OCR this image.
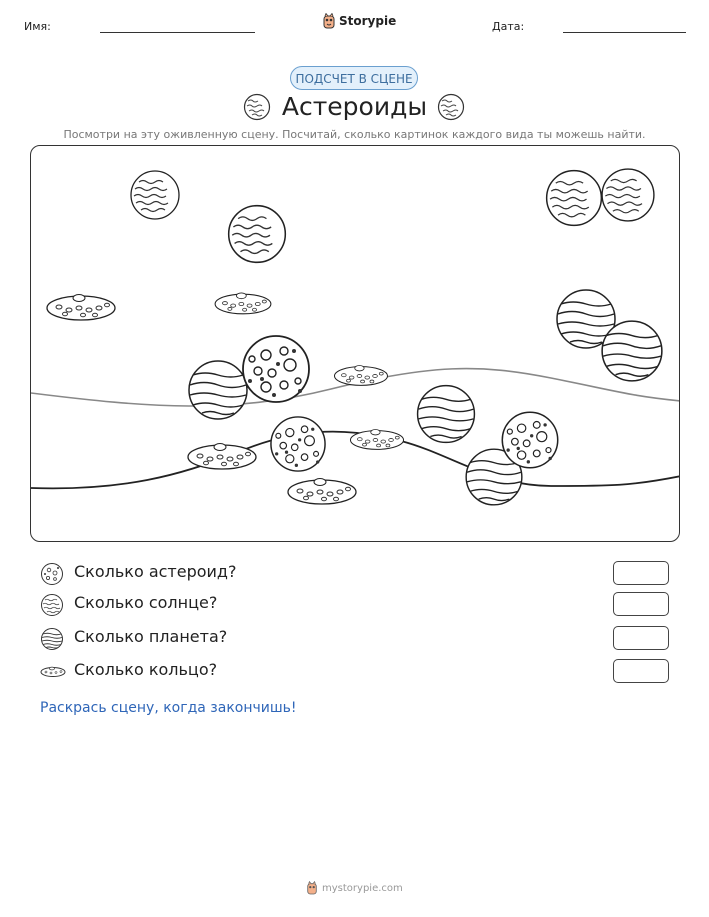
Имя:	Storypie	Дата:
ПОДСЧЕТ В СЦЕНЕ
Астероиды
Посмотри на эту оживленную сцену. Посчитай, сколько картинок каждого вида ты можешь найти.
Сколько астероид?
Сколько солнце?
Сколько планета?
Сколько кольцо?
Раскрась сцену, когда закончишь!
mystorypie.com
